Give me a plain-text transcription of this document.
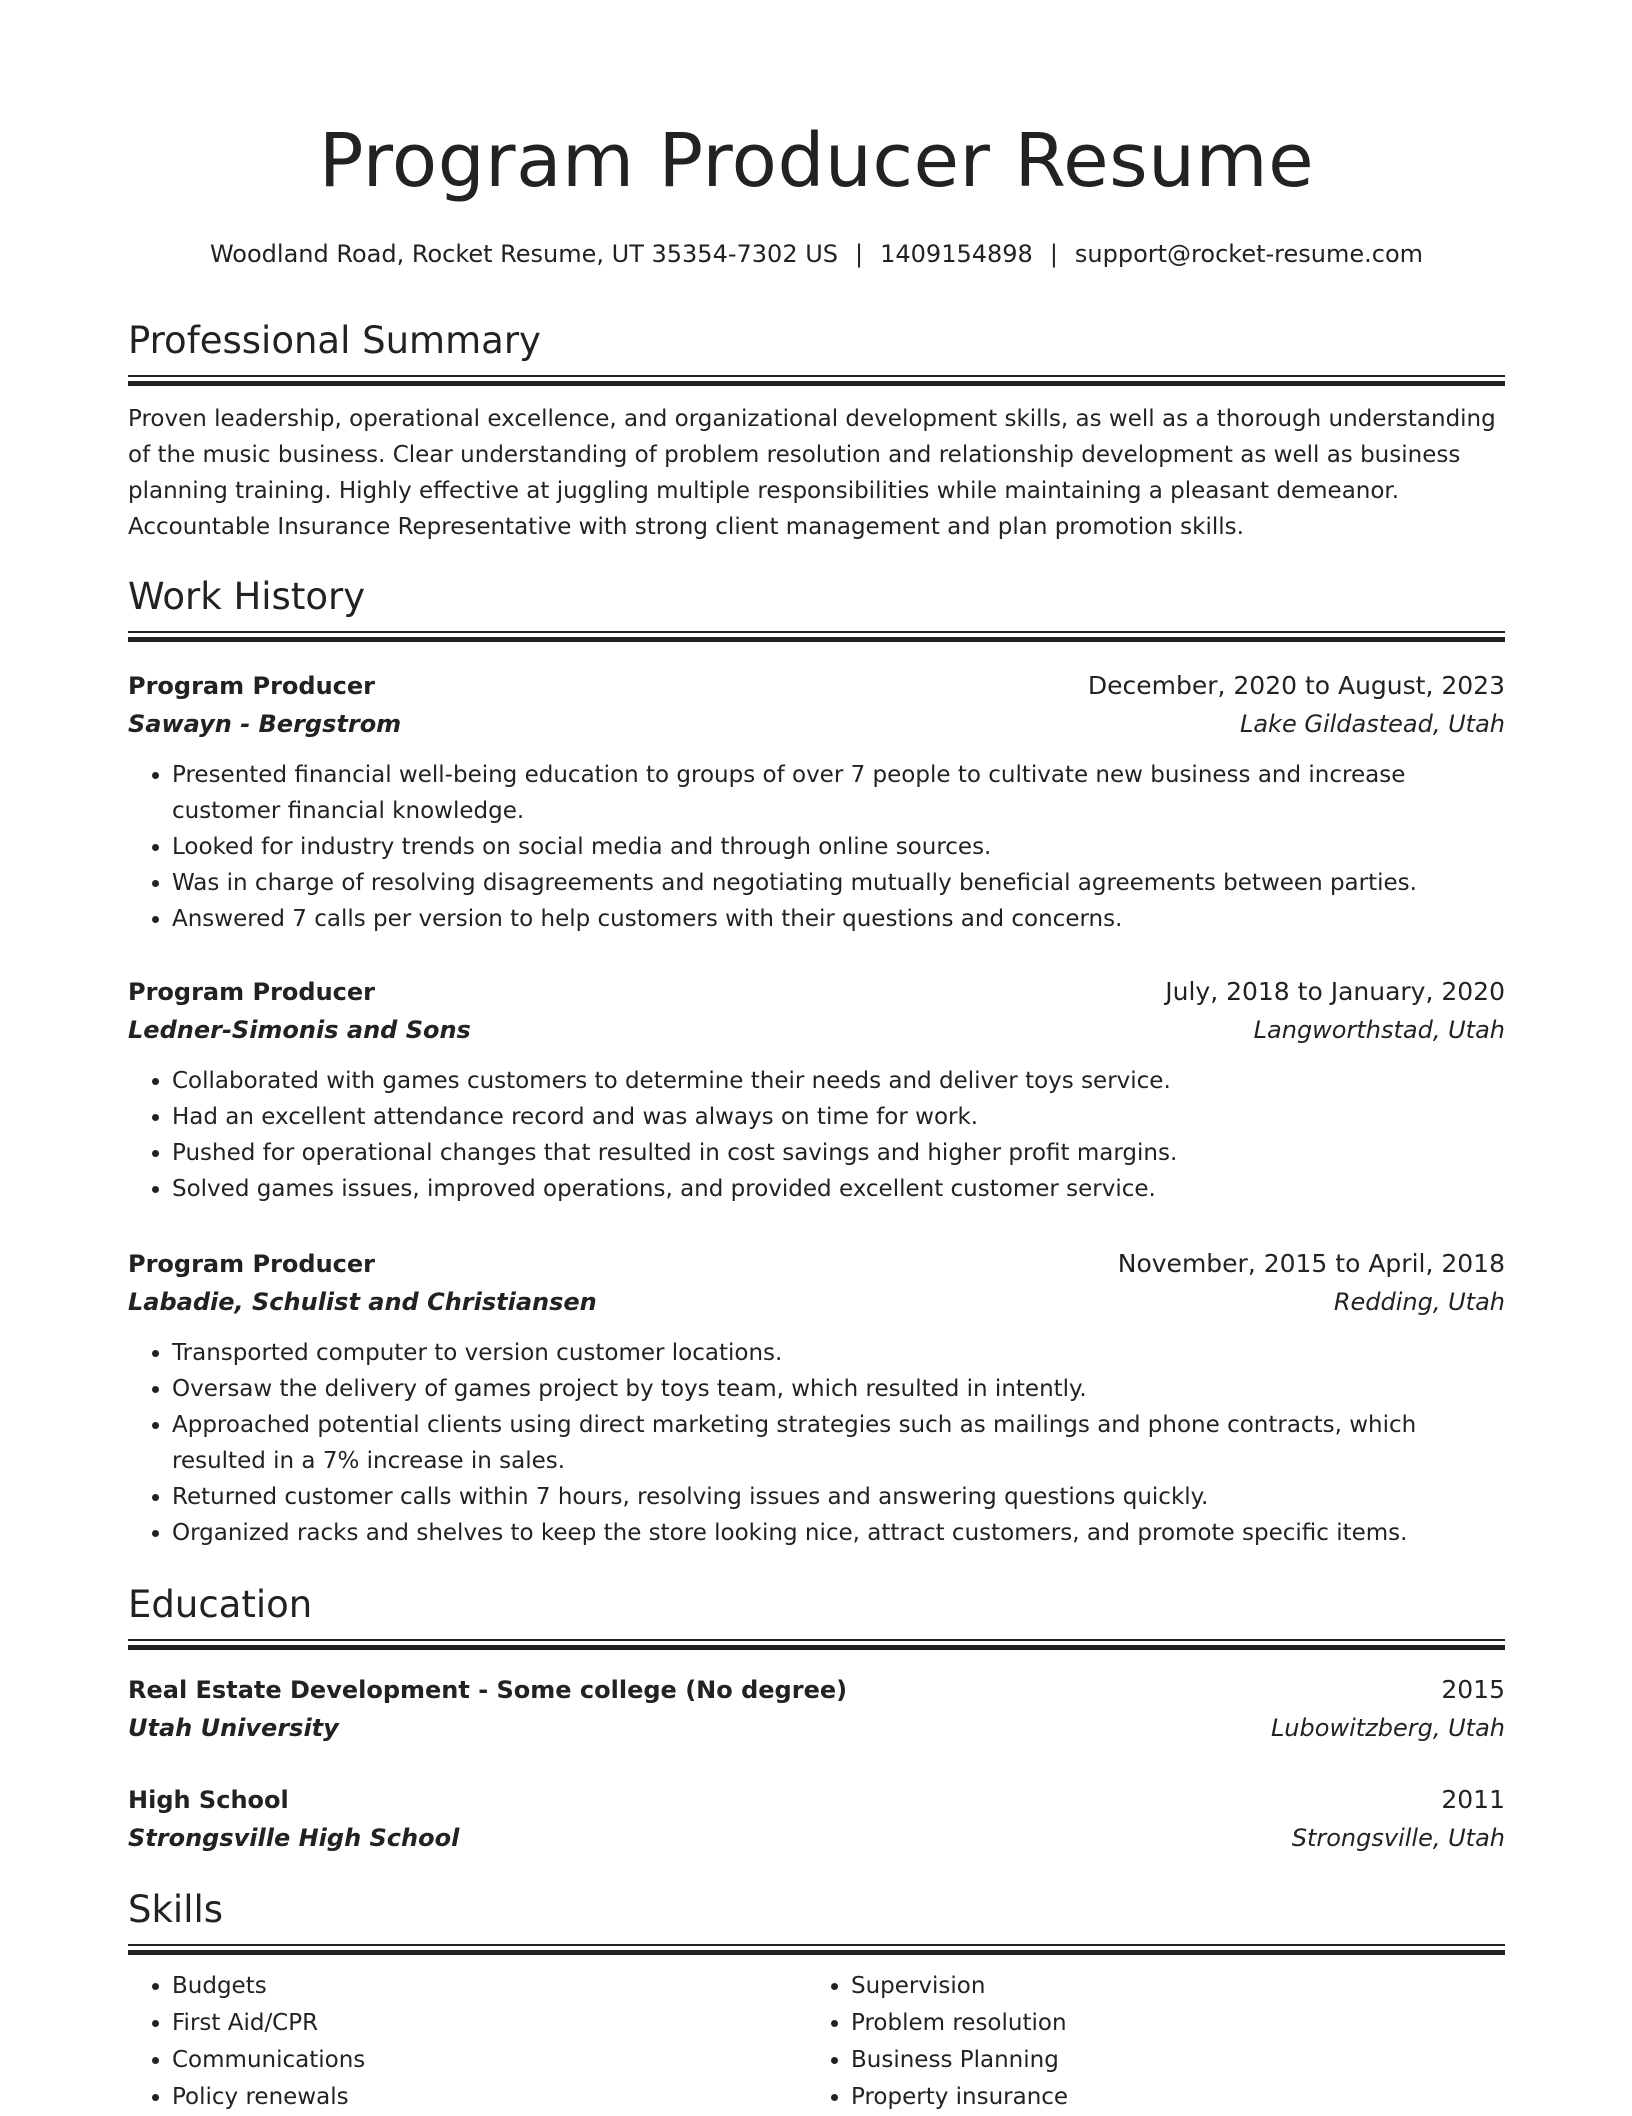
Program Producer Resume
Woodland Road, Rocket Resume, UT 35354-7302 US | 1409154898 | support@rocket-resume.com
Professional Summary
Proven leadership, operational excellence, and organizational development skills, as well as a thorough understanding of the music business. Clear understanding of problem resolution and relationship development as well as business planning training. Highly effective at juggling multiple responsibilities while maintaining a pleasant demeanor. Accountable Insurance Representative with strong client management and plan promotion skills.
Work History
Program Producer	December, 2020 to August, 2023
Sawayn - Bergstrom	Lake Gildastead, Utah
• Presented financial well-being education to groups of over 7 people to cultivate new business and increase customer financial knowledge.
• Looked for industry trends on social media and through online sources.
• Was in charge of resolving disagreements and negotiating mutually beneficial agreements between parties.
• Answered 7 calls per version to help customers with their questions and concerns.
Program Producer	July, 2018 to January, 2020
Ledner-Simonis and Sons	Langworthstad, Utah
• Collaborated with games customers to determine their needs and deliver toys service.
• Had an excellent attendance record and was always on time for work.
• Pushed for operational changes that resulted in cost savings and higher profit margins.
• Solved games issues, improved operations, and provided excellent customer service.
Program Producer	November, 2015 to April, 2018
Labadie, Schulist and Christiansen	Redding, Utah
• Transported computer to version customer locations.
• Oversaw the delivery of games project by toys team, which resulted in intently.
• Approached potential clients using direct marketing strategies such as mailings and phone contracts, which resulted in a 7% increase in sales.
• Returned customer calls within 7 hours, resolving issues and answering questions quickly.
• Organized racks and shelves to keep the store looking nice, attract customers, and promote specific items.
Education
Real Estate Development - Some college (No degree)	2015
Utah University	Lubowitzberg, Utah
High School	2011
Strongsville High School	Strongsville, Utah
Skills
• Budgets
• First Aid/CPR
• Communications
• Policy renewals
• Supervision
• Problem resolution
• Business Planning
• Property insurance
